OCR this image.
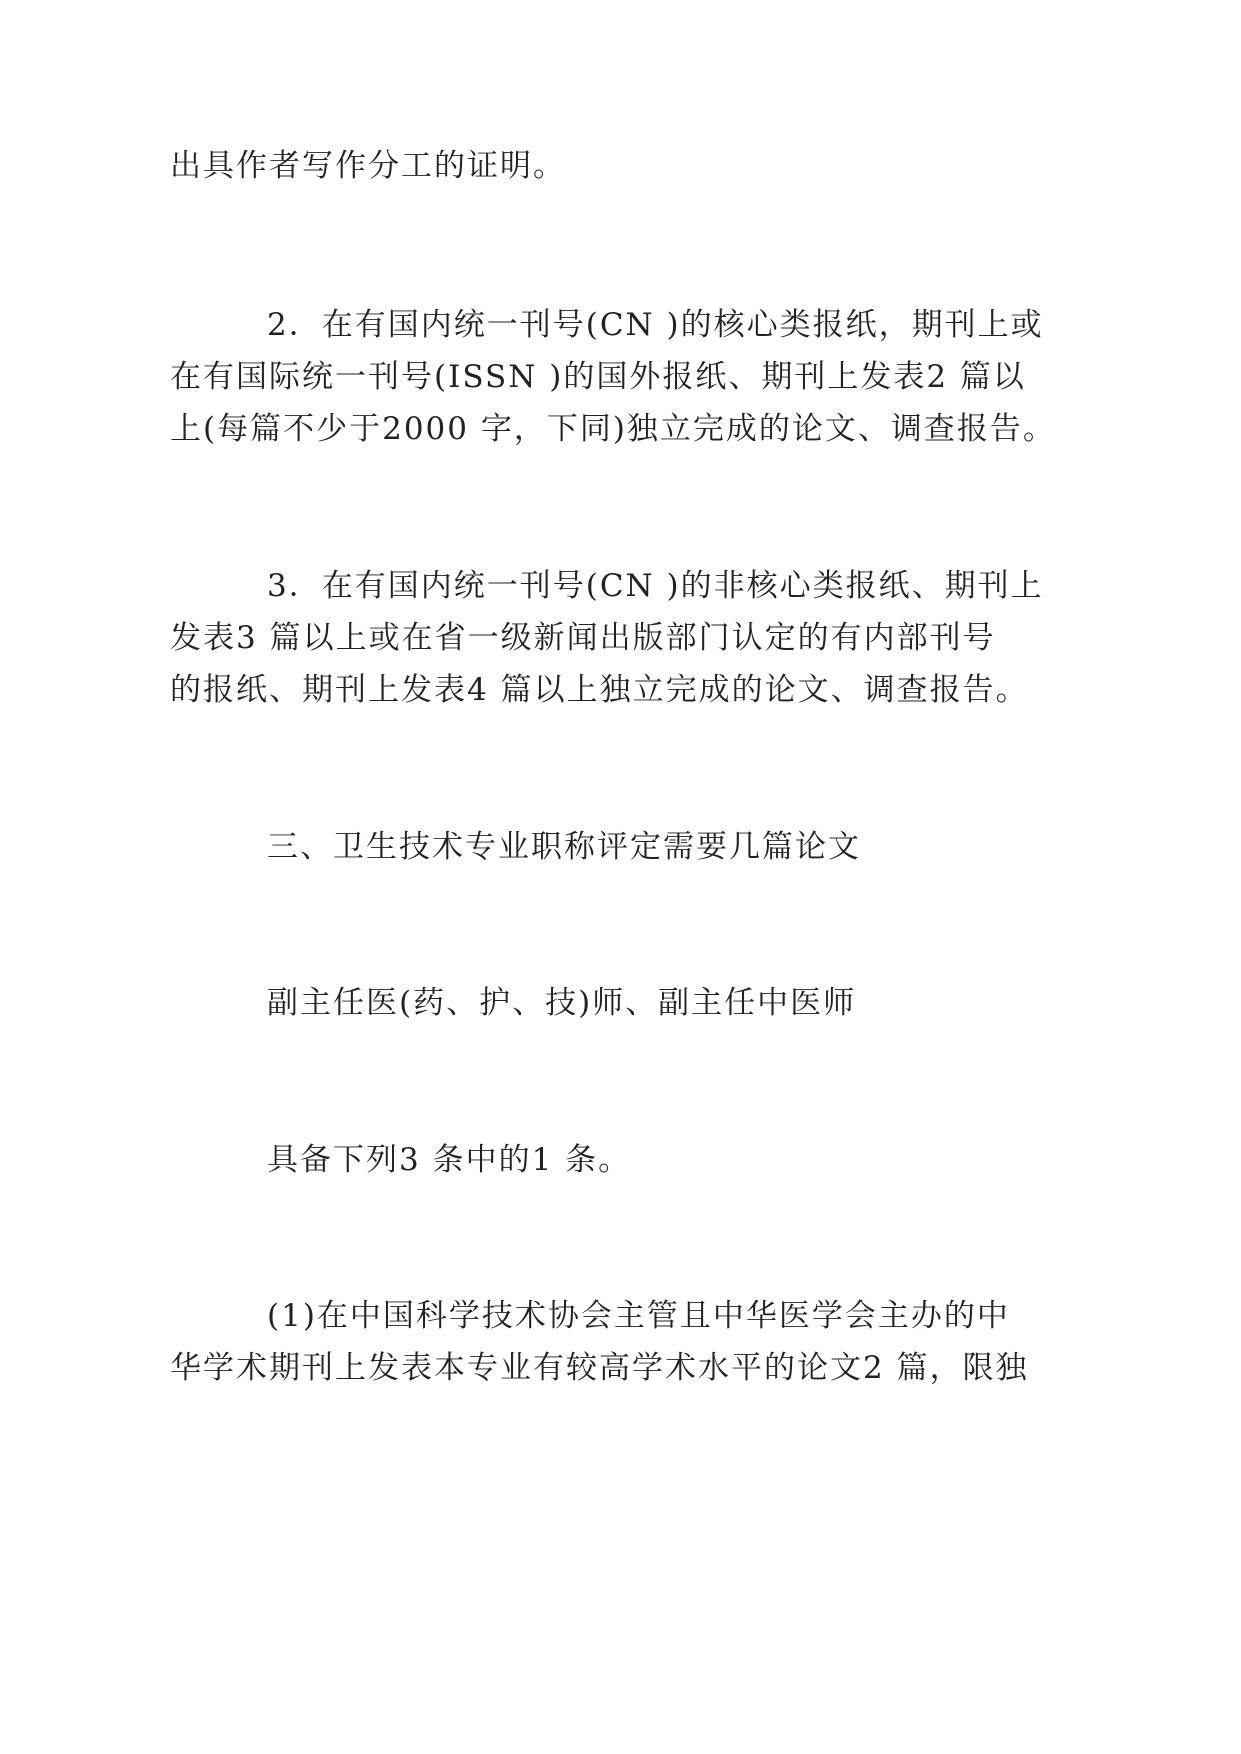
出具作者写作分工的证明。

2．在有国内统一刊号(CN )的核心类报纸，期刊上或

在有国际统一刊号(ISSN )的国外报纸、期刊上发表2 篇以

上(每篇不少于2000 字，下同)独立完成的论文、调查报告。

3．在有国内统一刊号(CN )的非核心类报纸、期刊上

发表3 篇以上或在省一级新闻出版部门认定的有内部刊号

的报纸、期刊上发表4 篇以上独立完成的论文、调查报告。

三、卫生技术专业职称评定需要几篇论文

副主任医(药、护、技)师、副主任中医师

具备下列3 条中的1 条。

(1)在中国科学技术协会主管且中华医学会主办的中

华学术期刊上发表本专业有较高学术水平的论文2 篇，限独
